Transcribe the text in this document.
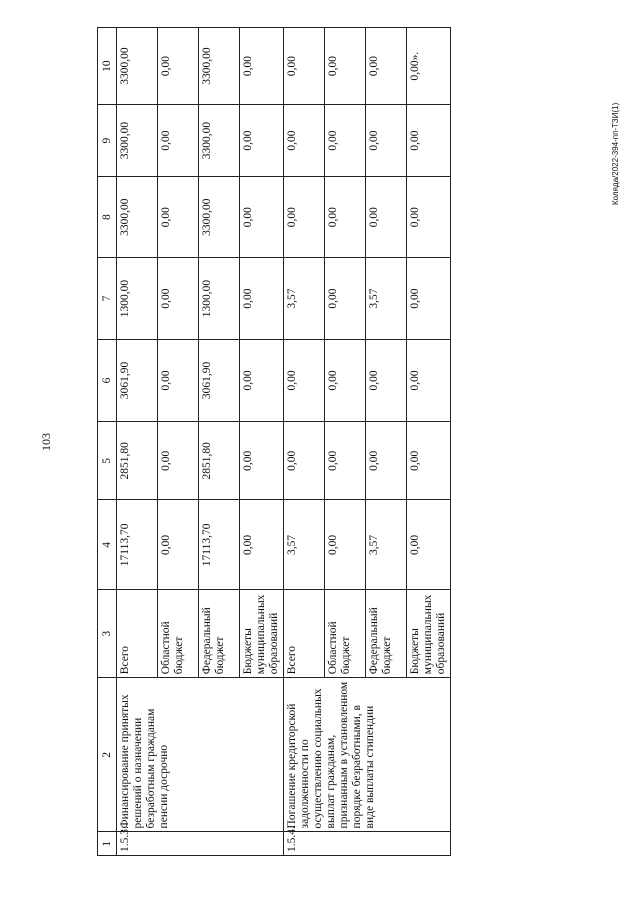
103
Коляда/2022-394-пп-ТЗИ(1)
1	2	3	4	5	6	7	8	9	10
1.5.3.	Финансирование принятых решений о назначении безработным гражданам пенсии досрочно	Всего	17113,70	2851,80	3061,90	1300,00	3300,00	3300,00	3300,00
		Областной бюджет	0,00	0,00	0,00	0,00	0,00	0,00	0,00
		Федеральный бюджет	17113,70	2851,80	3061,90	1300,00	3300,00	3300,00	3300,00
		Бюджеты муниципальных образований	0,00	0,00	0,00	0,00	0,00	0,00	0,00
1.5.4.	Погашение кредиторской задолженности по осуществлению социальных выплат гражданам, признанным в установленном порядке безработными, в виде выплаты стипендии	Всего	3,57	0,00	0,00	3,57	0,00	0,00	0,00
		Областной бюджет	0,00	0,00	0,00	0,00	0,00	0,00	0,00
		Федеральный бюджет	3,57	0,00	0,00	3,57	0,00	0,00	0,00
		Бюджеты муниципальных образований	0,00	0,00	0,00	0,00	0,00	0,00	0,00».
